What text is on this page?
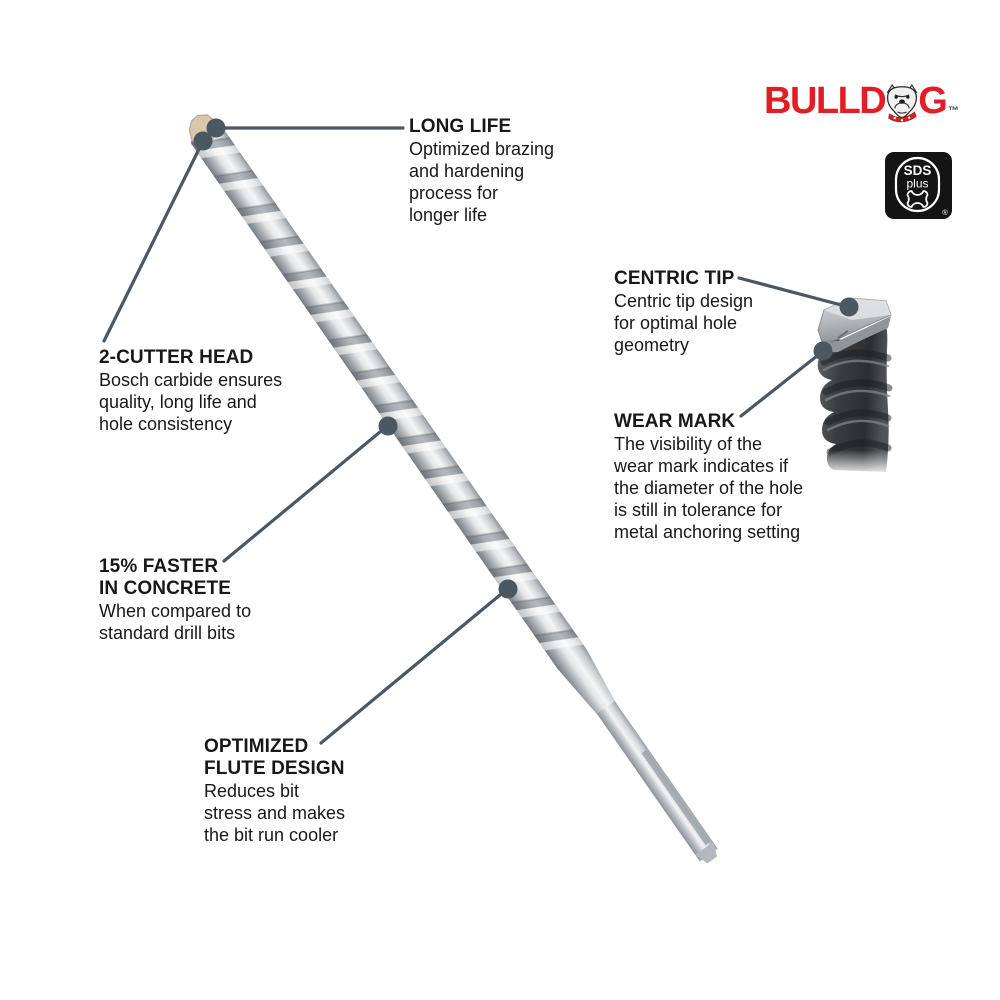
BULLD G ™
SDS
plus
®
LONG LIFE
Optimized brazing
and hardening
process for
longer life
2-CUTTER HEAD
Bosch carbide ensures
quality, long life and
hole consistency
CENTRIC TIP
Centric tip design
for optimal hole
geometry
WEAR MARK
The visibility of the
wear mark indicates if
the diameter of the hole
is still in tolerance for
metal anchoring setting
15% FASTER
IN CONCRETE
When compared to
standard drill bits
OPTIMIZED
FLUTE DESIGN
Reduces bit
stress and makes
the bit run cooler
